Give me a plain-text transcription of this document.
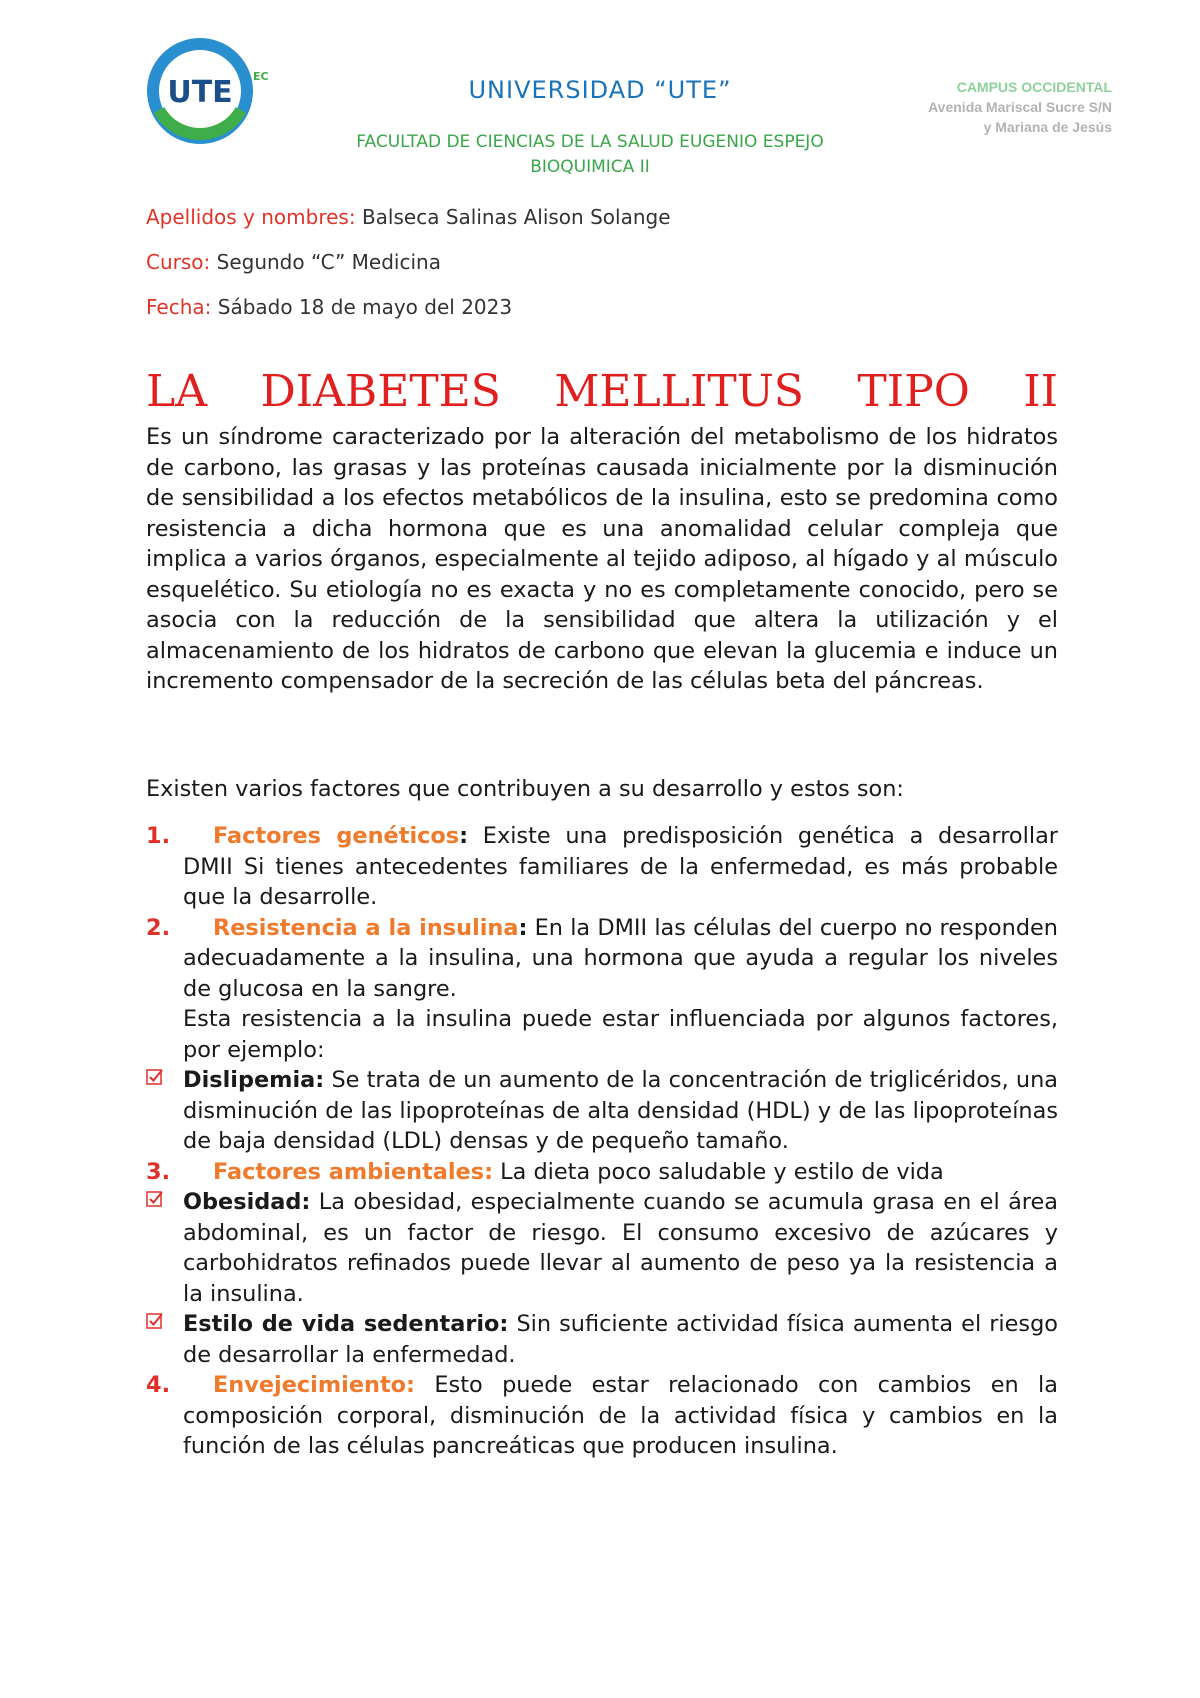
UTE EC	UNIVERSIDAD “UTE”
FACULTAD DE CIENCIAS DE LA SALUD EUGENIO ESPEJO
BIOQUIMICA II
CAMPUS OCCIDENTAL
Avenida Mariscal Sucre S/N
y Mariana de Jesús
Apellidos y nombres: Balseca Salinas Alison Solange
Curso: Segundo “C” Medicina
Fecha: Sábado 18 de mayo del 2023
LA DIABETES MELLITUS TIPO II
Es un síndrome caracterizado por la alteración del metabolismo de los hidratos de carbono, las grasas y las proteínas causada inicialmente por la disminución de sensibilidad a los efectos metabólicos de la insulina, esto se predomina como resistencia a dicha hormona que es una anomalidad celular compleja que implica a varios órganos, especialmente al tejido adiposo, al hígado y al músculo esquelético. Su etiología no es exacta y no es completamente conocido, pero se asocia con la reducción de la sensibilidad que altera la utilización y el almacenamiento de los hidratos de carbono que elevan la glucemia e induce un incremento compensador de la secreción de las células beta del páncreas.
Existen varios factores que contribuyen a su desarrollo y estos son:
1. Factores genéticos: Existe una predisposición genética a desarrollar DMII Si tienes antecedentes familiares de la enfermedad, es más probable que la desarrolle.
2. Resistencia a la insulina: En la DMII las células del cuerpo no responden adecuadamente a la insulina, una hormona que ayuda a regular los niveles de glucosa en la sangre.
Esta resistencia a la insulina puede estar influenciada por algunos factores, por ejemplo:
Dislipemia: Se trata de un aumento de la concentración de triglicéridos, una disminución de las lipoproteínas de alta densidad (HDL) y de las lipoproteínas de baja densidad (LDL) densas y de pequeño tamaño.
3. Factores ambientales: La dieta poco saludable y estilo de vida
Obesidad: La obesidad, especialmente cuando se acumula grasa en el área abdominal, es un factor de riesgo. El consumo excesivo de azúcares y carbohidratos refinados puede llevar al aumento de peso ya la resistencia a la insulina.
Estilo de vida sedentario: Sin suficiente actividad física aumenta el riesgo de desarrollar la enfermedad.
4. Envejecimiento: Esto puede estar relacionado con cambios en la composición corporal, disminución de la actividad física y cambios en la función de las células pancreáticas que producen insulina.
